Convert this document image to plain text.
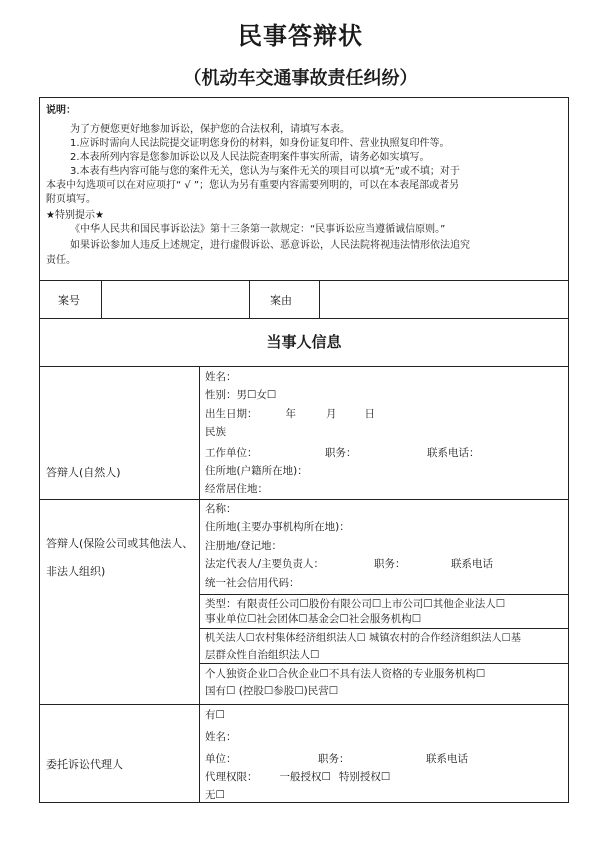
民事答辩状
（机动车交通事故责任纠纷）
说明：
为了方便您更好地参加诉讼，保护您的合法权利，请填写本表。
1.应诉时需向人民法院提交证明您身份的材料，如身份证复印件、营业执照复印件等。
2.本表所列内容是您参加诉讼以及人民法院查明案件事实所需，请务必如实填写。
3.本表有些内容可能与您的案件无关，您认为与案件无关的项目可以填“无”或不填；对于
本表中勾选项可以在对应项打“ √ ”；您认为另有重要内容需要列明的，可以在本表尾部或者另
附页填写。
★特别提示★
《中华人民共和国民事诉讼法》第十三条第一款规定：“民事诉讼应当遵循诚信原则。”
如果诉讼参加人违反上述规定，进行虚假诉讼、恶意诉讼，人民法院将视违法情形依法追究
责任。
案号	案由
当事人信息
答辩人(自然人)
姓名：
性别：男☐女☐
出生日期：	年	月	日
民族
工作单位：	职务：	联系电话：
住所地(户籍所在地)：
经常居住地：
答辩人(保险公司或其他法人、
非法人组织)
名称：
住所地(主要办事机构所在地)：
注册地/登记地：
法定代表人/主要负责人：	职务：	联系电话
统一社会信用代码：
类型：有限责任公司☐股份有限公司☐上市公司☐其他企业法人☐
事业单位☐社会团体☐基金会☐社会服务机构☐
机关法人☐农村集体经济组织法人☐ 城镇农村的合作经济组织法人☐基
层群众性自治组织法人☐
个人独资企业☐合伙企业☐不具有法人资格的专业服务机构☐
国有☐ (控股☐参股☐)民营☐
委托诉讼代理人
有☐
姓名：
单位：	职务：	联系电话
代理权限： 一般授权☐ 特别授权☐
无☐
